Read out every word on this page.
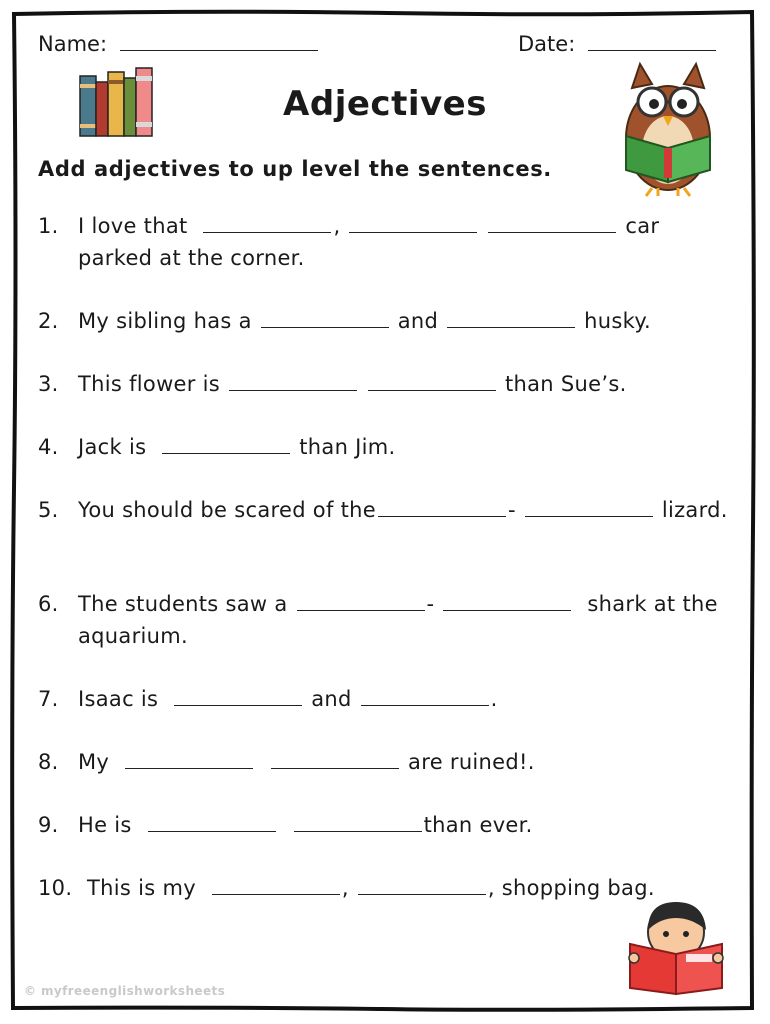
Name:	Date:
Adjectives
Add adjectives to up level the sentences.
1. I love that	,	car parked at the corner.
2. My sibling has a	and	husky.
3. This flower is	than Sue’s.
4. Jack is	than Jim.
5. You should be scared of the	-	lizard.
6. The students saw a	-	shark at the aquarium.
7. Isaac is	and	.
8. My	are ruined!.
9. He is	than ever.
10. This is my	,	, shopping bag.
© myfreeenglishworksheets
